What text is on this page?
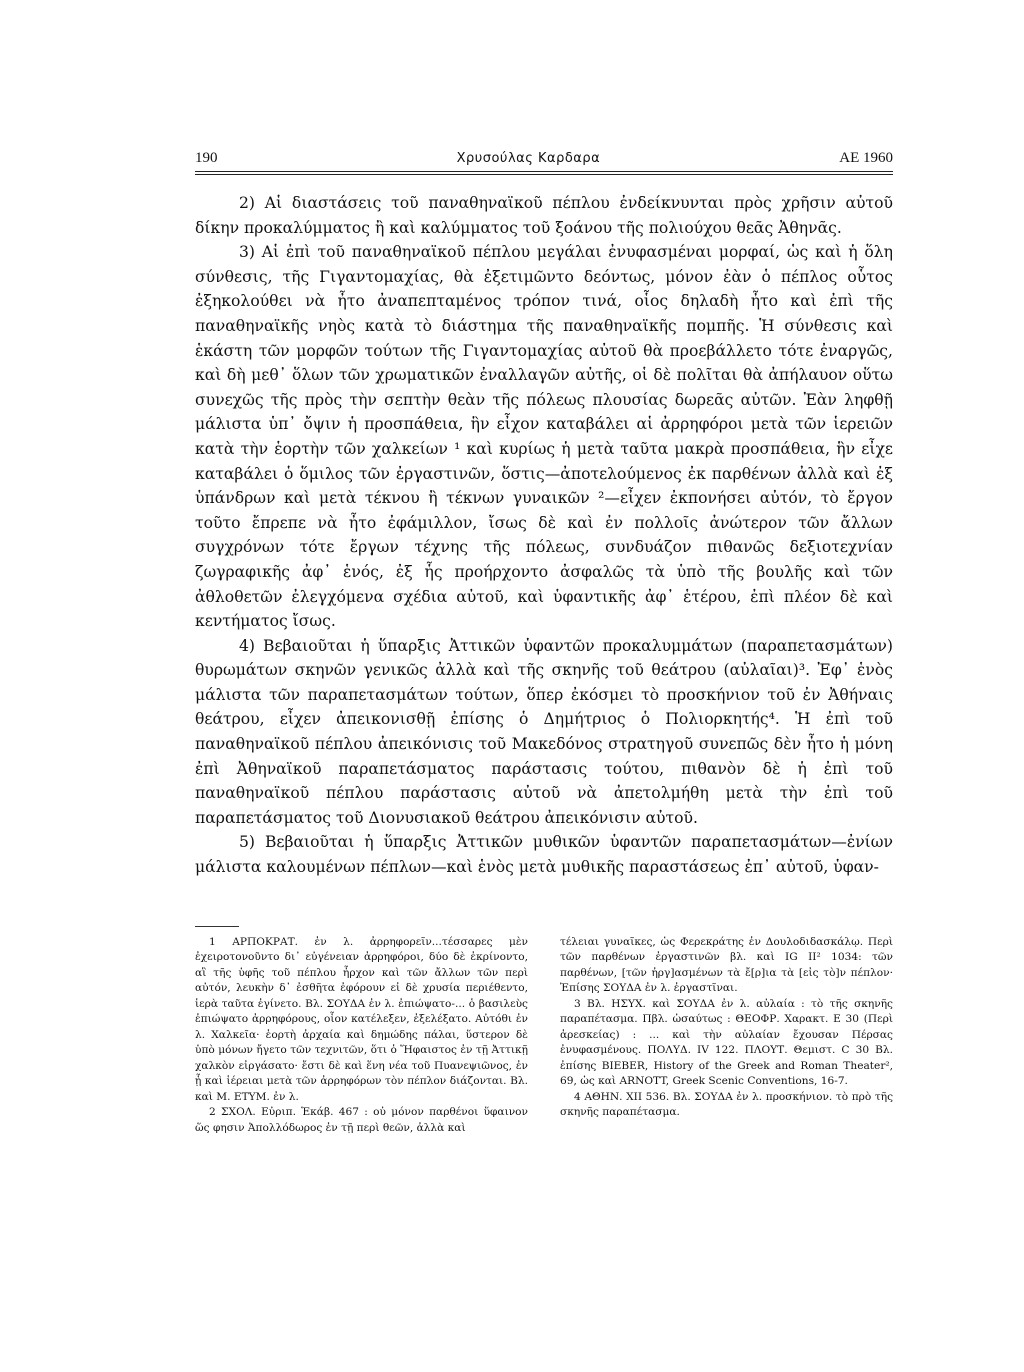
190	Χρυσούλας Καρδαρα	ΑΕ 1960

2) Αἱ διαστάσεις τοῦ παναθηναϊκοῦ πέπλου ἐνδείκνυνται πρὸς χρῆσιν αὐτοῦ δίκην προκαλύμματος ἢ καὶ καλύμματος τοῦ ξοάνου τῆς πολιούχου θεᾶς Ἀθηνᾶς.

3) Αἱ ἐπὶ τοῦ παναθηναϊκοῦ πέπλου μεγάλαι ἐνυφασμέναι μορφαί, ὡς καὶ ἡ ὅλη σύνθεσις, τῆς Γιγαντομαχίας, θὰ ἐξετιμῶντο δεόντως, μόνον ἐὰν ὁ πέπλος οὗτος ἐξηκολούθει νὰ ἦτο ἀναπεπταμένος τρόπον τινά, οἷος δηλαδὴ ἦτο καὶ ἐπὶ τῆς παναθηναϊκῆς νηὸς κατὰ τὸ διάστημα τῆς παναθηναϊκῆς πομπῆς. Ἡ σύνθεσις καὶ ἑκάστη τῶν μορφῶν τούτων τῆς Γιγαντομαχίας αὐτοῦ θὰ προεβάλλετο τότε ἐναργῶς, καὶ δὴ μεθ᾿ ὅλων τῶν χρωματικῶν ἐναλλαγῶν αὐτῆς, οἱ δὲ πολῖται θὰ ἀπήλαυον οὕτω συνεχῶς τῆς πρὸς τὴν σεπτὴν θεὰν τῆς πόλεως πλουσίας δωρεᾶς αὐτῶν. Ἐὰν ληφθῇ μάλιστα ὑπ᾿ ὄψιν ἡ προσπάθεια, ἣν εἶχον καταβάλει αἱ ἀρρηφόροι μετὰ τῶν ἱερειῶν κατὰ τὴν ἑορτὴν τῶν χαλκείων ¹ καὶ κυρίως ἡ μετὰ ταῦτα μακρὰ προσπάθεια, ἣν εἶχε καταβάλει ὁ ὅμιλος τῶν ἐργαστινῶν, ὅστις—ἀποτελούμενος ἐκ παρθένων ἀλλὰ καὶ ἐξ ὑπάνδρων καὶ μετὰ τέκνου ἢ τέκνων γυναικῶν ²—εἶχεν ἐκπονήσει αὐτόν, τὸ ἔργον τοῦτο ἔπρεπε νὰ ἦτο ἐφάμιλλον, ἴσως δὲ καὶ ἐν πολλοῖς ἀνώτερον τῶν ἄλλων συγχρόνων τότε ἔργων τέχνης τῆς πόλεως, συνδυάζον πιθανῶς δεξιοτεχνίαν ζωγραφικῆς ἀφ᾿ ἑνός, ἐξ ἧς προήρχοντο ἀσφαλῶς τὰ ὑπὸ τῆς βουλῆς καὶ τῶν ἀθλοθετῶν ἐλεγχόμενα σχέδια αὐτοῦ, καὶ ὑφαντικῆς ἀφ᾿ ἑτέρου, ἐπὶ πλέον δὲ καὶ κεντήματος ἴσως.

4) Βεβαιοῦται ἡ ὕπαρξις Ἀττικῶν ὑφαντῶν προκαλυμμάτων (παραπετασμάτων) θυρωμάτων σκηνῶν γενικῶς ἀλλὰ καὶ τῆς σκηνῆς τοῦ θεάτρου (αὐλαῖαι)³. Ἐφ᾿ ἑνὸς μάλιστα τῶν παραπετασμάτων τούτων, ὅπερ ἐκόσμει τὸ προσκήνιον τοῦ ἐν Ἀθήναις θεάτρου, εἶχεν ἀπεικονισθῇ ἐπίσης ὁ Δημήτριος ὁ Πολιορκητής⁴. Ἡ ἐπὶ τοῦ παναθηναϊκοῦ πέπλου ἀπεικόνισις τοῦ Μακεδόνος στρατηγοῦ συνεπῶς δὲν ἦτο ἡ μόνη ἐπὶ Ἀθηναϊκοῦ παραπετάσματος παράστασις τούτου, πιθανὸν δὲ ἡ ἐπὶ τοῦ παναθηναϊκοῦ πέπλου παράστασις αὐτοῦ νὰ ἀπετολμήθη μετὰ τὴν ἐπὶ τοῦ παραπετάσματος τοῦ Διονυσιακοῦ θεάτρου ἀπεικόνισιν αὐτοῦ.

5) Βεβαιοῦται ἡ ὕπαρξις Ἀττικῶν μυθικῶν ὑφαντῶν παραπετασμάτων—ἐνίων μάλιστα καλουμένων πέπλων—καὶ ἑνὸς μετὰ μυθικῆς παραστάσεως ἐπ᾿ αὐτοῦ, ὑφαν-

1 ΑΡΠΟΚΡΑΤ. ἐν λ. ἀρρηφορεῖν...τέσσαρες μὲν ἐχειροτονοῦντο δι᾿ εὐγένειαν ἀρρηφόροι, δύο δὲ ἐκρίνοντο, αἳ τῆς ὑφῆς τοῦ πέπλου ἦρχον καὶ τῶν ἄλλων τῶν περὶ αὐτόν, λευκὴν δ᾿ ἐσθῆτα ἐφόρουν εἰ δὲ χρυσία περιέθεντο, ἱερὰ ταῦτα ἐγίνετο. Βλ. ΣΟΥΔΑ ἐν λ. ἐπιώψατο-... ὁ βασιλεὺς ἐπιώψατο ἀρρηφόρους, οἷον κατέλεξεν, ἐξελέξατο. Αὐτόθι ἐν λ. Χαλκεῖα· ἑορτὴ ἀρχαία καὶ δημώδης πάλαι, ὕστερον δὲ ὑπὸ μόνων ἤγετο τῶν τεχνιτῶν, ὅτι ὁ Ἥφαιστος ἐν τῇ Ἀττικῇ χαλκὸν εἰργάσατο· ἔστι δὲ καὶ ἕνη νέα τοῦ Πυανεψιῶνος, ἐν ᾗ καὶ ἱέρειαι μετὰ τῶν ἀρρηφόρων τὸν πέπλον διάζονται. Βλ. καὶ Μ. ΕΤΥΜ. ἐν λ.

2 ΣΧΟΛ. Εὐριπ. Ἑκάβ. 467 : οὐ μόνον παρθένοι ὕφαινον ὥς φησιν Ἀπολλόδωρος ἐν τῇ περὶ θεῶν, ἀλλὰ καὶ

τέλειαι γυναῖκες, ὡς Φερεκράτης ἐν Δουλοδιδασκάλῳ. Περὶ τῶν παρθένων ἐργαστινῶν βλ. καὶ IG II² 1034: τῶν παρθένων, [τῶν ἠργ]ασμένων τὰ ἔ[ρ]ια τὰ [εἰς τὸ]ν πέπλον· Ἐπίσης ΣΟΥΔΑ ἐν λ. ἐργαστῖναι.

3 Βλ. ΗΣΥΧ. καὶ ΣΟΥΔΑ ἐν λ. αὐλαία : τὸ τῆς σκηνῆς παραπέτασμα. Πβλ. ὡσαύτως : ΘΕΟΦΡ. Χαρακτ. Ε 30 (Περὶ ἀρεσκείας) : ... καὶ τὴν αὐλαίαν ἔχουσαν Πέρσας ἐνυφασμένους. ΠΟΛΥΔ. IV 122. ΠΛΟΥΤ. Θεμιστ. C 30 Βλ. ἐπίσης BIEBER, History of the Greek and Roman Theater², 69, ὡς καὶ ARNOTT, Greek Scenic Conventions, 16-7.

4 ΑΘΗΝ. XII 536. Βλ. ΣΟΥΔΑ ἐν λ. προσκήνιον. τὸ πρὸ τῆς σκηνῆς παραπέτασμα.
